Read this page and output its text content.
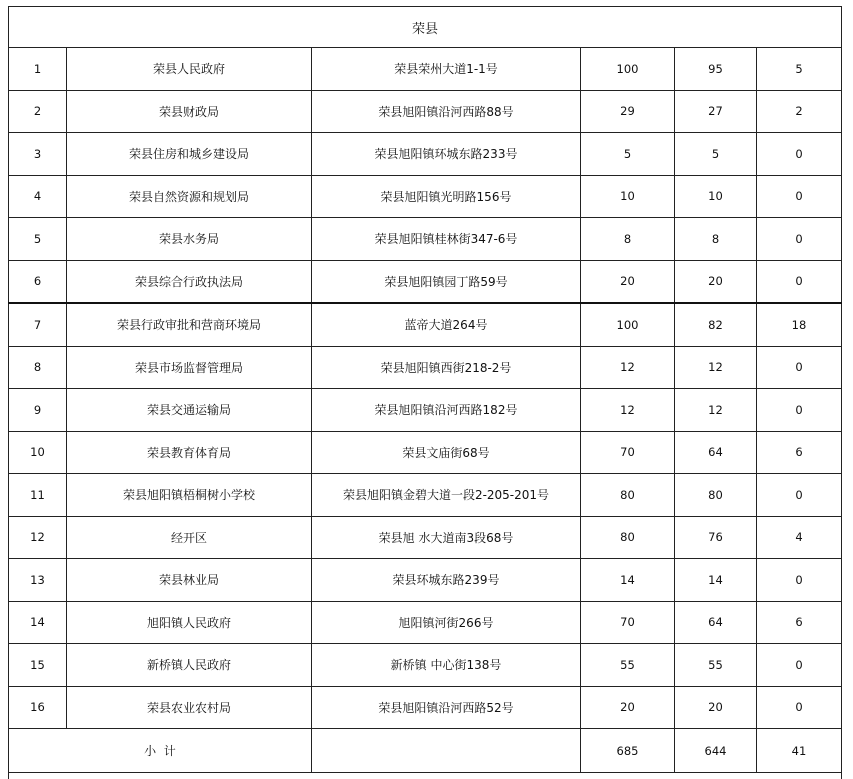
荣县					
1	荣县人民政府	荣县荣州大道1-1号	100	95	5
2	荣县财政局	荣县旭阳镇沿河西路88号	29	27	2
3	荣县住房和城乡建设局	荣县旭阳镇环城东路233号	5	5	0
4	荣县自然资源和规划局	荣县旭阳镇光明路156号	10	10	0
5	荣县水务局	荣县旭阳镇桂林街347-6号	8	8	0
6	荣县综合行政执法局	荣县旭阳镇园丁路59号	20	20	0
7	荣县行政审批和营商环境局	蓝帝大道264号	100	82	18
8	荣县市场监督管理局	荣县旭阳镇西街218-2号	12	12	0
9	荣县交通运输局	荣县旭阳镇沿河西路182号	12	12	0
10	荣县教育体育局	荣县文庙街68号	70	64	6
11	荣县旭阳镇梧桐树小学校	荣县旭阳镇金碧大道一段2-205-201号	80	80	0
12	经开区	荣县旭 水大道南3段68号	80	76	4
13	荣县林业局	荣县环城东路239号	14	14	0
14	旭阳镇人民政府	旭阳镇河街266号	70	64	6
15	新桥镇人民政府	新桥镇 中心街138号	55	55	0
16	荣县农业农村局	荣县旭阳镇沿河西路52号	20	20	0
小  计			685	644	41
